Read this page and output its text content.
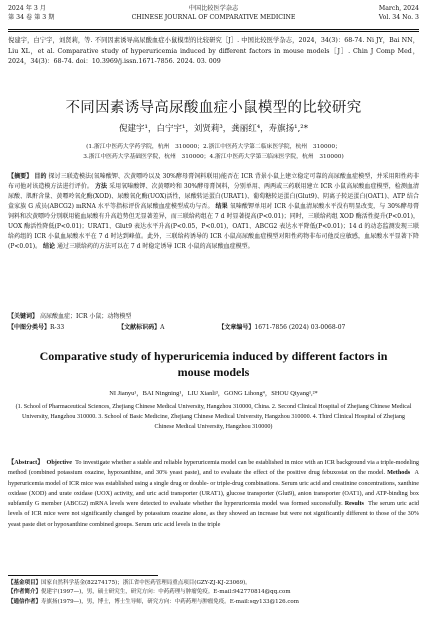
2024 年 3 月
第 34 卷 第 3 期
中国比较医学杂志
CHINESE JOURNAL OF COMPARATIVE MEDICINE
March, 2024
Vol. 34 No. 3
倪建宇，白宁宇，刘贤莉，等. 不同因素诱导高尿酸血症小鼠模型的比较研究［J］. 中国比较医学杂志，2024，34(3)：68-74. Ni JY，Bai NN，Liu XL，et al. Comparative study of hyperuricemia induced by different factors in mouse models［J］. Chin J Comp Med，2024，34(3)：68-74. doi：10.3969/j.issn.1671-7856. 2024. 03. 009
不同因素诱导高尿酸血症小鼠模型的比较研究
倪建宇¹，白宁宇¹，刘贤莉³，龚丽红⁴，寿旗扬¹,²*
(1.浙江中医药大学药学院，杭州　310000；2.浙江中医药大学第二临床医学院，杭州　310000；
3.浙江中医药大学基础医学院，杭州　310000；4.浙江中医药大学第三临床医学院，杭州　310000)
【摘要】 目的 探讨三联造模法(氧嗪酸钾、次黄嘌呤以及 30%酵母膏饲料联用)能否在 ICR 背景小鼠上建立稳定可靠的高尿酸血症模型，并采用阳性药非布司他对该造模方法进行评价。 方法 采用氧嗪酸钾、次黄嘌呤和 30%酵母膏饲料，分别单用、两两或三药联用建立 ICR 小鼠高尿酸血症模型，检测血清尿酸、肌酐含量、黄嘌呤氧化酶(XOD)、尿酸氧化酶(UOX)活性，尿酸转运蛋白(URAT1)、葡萄糖转运蛋白(Glut9)、阴离子转运蛋白(OAT1)、ATP 结合盒家族 G 成员(ABCG2) mRNA 水平等指标评价高尿酸血症模型成功与否。 结果 氧嗪酸钾单用对 ICR 小鼠血清尿酸水平没有明显改变，与 30%酵母膏饲料和次黄嘌呤分别联用能血尿酸有升高趋势但无显著差异，而三联给药组在 7 d 时显著提高(P<0.01)；同时，三联给药组 XOD 酶活性提升(P<0.01)，UOX 酶活性降低(P<0.01)；URAT1、Glut9 表达水平升高(P<0.05，P<0.01)，OAT1、ABCG2 表达水平降低(P<0.01)；14 d 的动态监测发现三联给药组的 ICR 小鼠血尿酸水平在 7 d 时达到峰值。此外，三联给药诱导的 ICR 小鼠高尿酸血症模型对阳性药物非布司他反应敏感，血尿酸水平显著下降(P<0.01)。 结论 通过三联给药的方法可以在 7 d 时稳定诱导 ICR 小鼠的高尿酸血症模型。
【关键词】 高尿酸血症；ICR 小鼠；动物模型
【中图分类号】R-33	【文献标识码】A	【文章编号】1671-7856 (2024) 03-0068-07
Comparative study of hyperuricemia induced by different factors in mouse models
NI Jianyu¹，BAI Ningning¹，LIU Xianli³，GONG Lihong⁴，SHOU Qiyang¹,²*
(1. School of Pharmaceutical Sciences, Zhejiang Chinese Medical University, Hangzhou 310000, China. 2. Second Clinical Hospital of Zhejiang Chinese Medical University, Hangzhou 310000. 3. School of Basic Medicine, Zhejiang Chinese Medical University, Hangzhou 310000. 4. Third Clinical Hospital of Zhejiang Chinese Medical University, Hangzhou 310000)
【Abstract】 Objective To investigate whether a stable and reliable hyperuricemia model can be established in mice with an ICR background via a triple-modeling method (combined potassium oxazine, hypoxanthine, and 30% yeast paste), and to evaluate the effect of the positive drug febuxostat on the model. Methods A hyperuricemia model of ICR mice was established using a single drug or double- or triple-drug combinations. Serum uric acid and creatinine concentrations, xanthine oxidase (XOD) and urate oxidase (UOX) activity, and uric acid transporter (URAT1), glucose transporter (Glut9), anion transporter (OAT1), and ATP-binding box subfamily G member (ABCG2) mRNA levels were detected to evaluate whether the hyperuricemia model was formed successfully. Results The serum uric acid levels of ICR mice were not significantly changed by potassium oxazine alone, as they showed an increase but were not significantly different to those of the 30% yeast paste diet or hypoxanthine combined groups. Serum uric acid levels in the triple
【基金项目】国家自然科学基金(82274175)；浙江省中医药管理局重点项目(GZY-ZJ-KJ-23069)。
【作者简介】倪建宇(1997—)，男，硕士研究生，研究方向：中药药理与肿瘤免疫。E-mail:942770814@qq.com
【通信作者】寿旗扬(1979—)，男，博士，博士生导师，研究方向：中药药理与肿瘤免疫。E-mail:sqy133@126.com
